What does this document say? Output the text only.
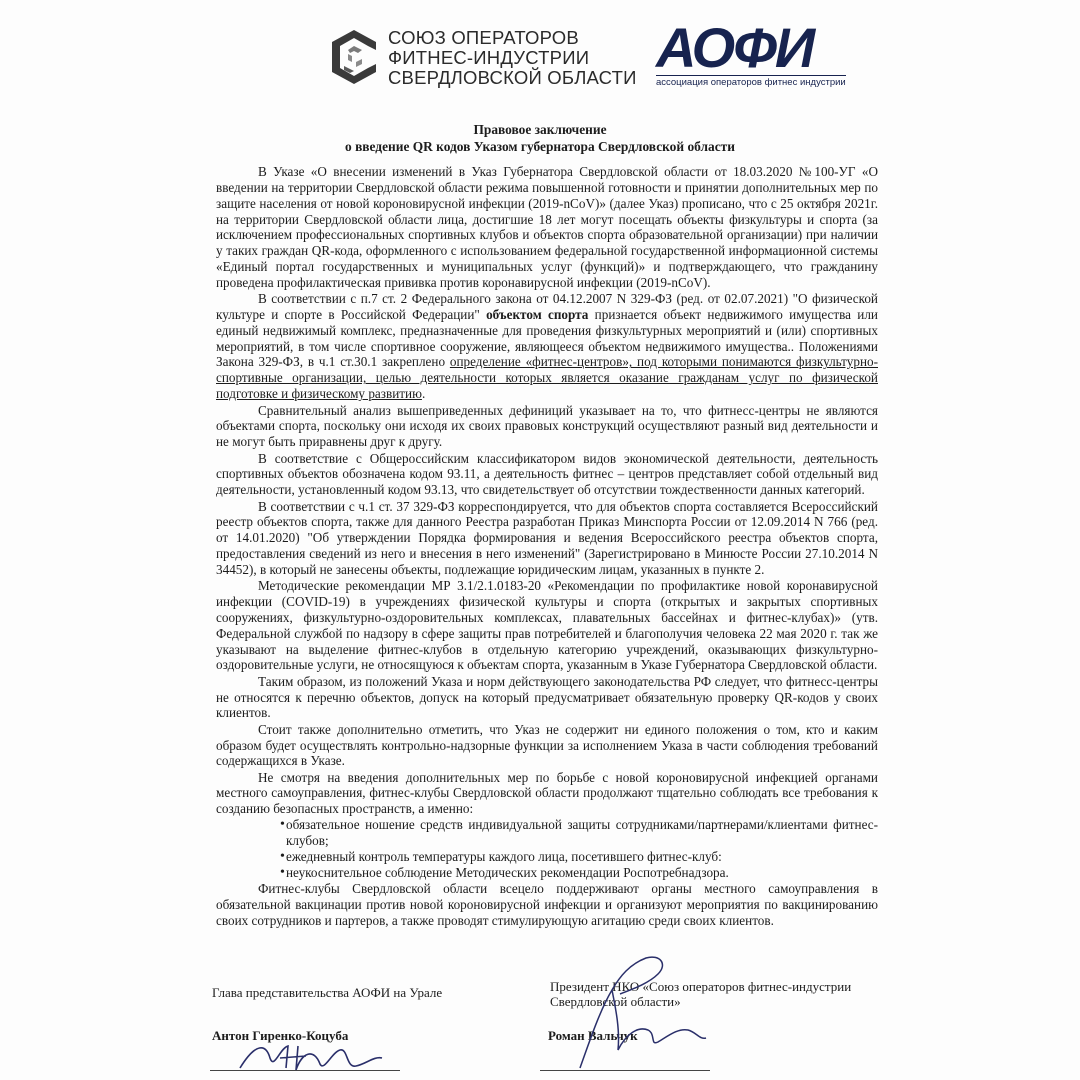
СОЮЗ ОПЕРАТОРОВ
ФИТНЕС-ИНДУСТРИИ
СВЕРДЛОВСКОЙ ОБЛАСТИ АОФИ
ассоциация операторов фитнес индустрии
Правовое заключение
о введение QR кодов Указом губернатора Свердловской области

В Указе «О внесении изменений в Указ Губернатора Свердловской области от 18.03.2020 №100-УГ «О введении на территории Свердловской области режима повышенной готовности и принятии дополнительных мер по защите населения от новой короновирусной инфекции (2019-nCoV)» (далее Указ) прописано, что с 25 октября 2021г. на территории Свердловской области лица, достигшие 18 лет могут посещать объекты физкультуры и спорта (за исключением профессиональных спортивных клубов и объектов спорта образовательной организации) при наличии у таких граждан QR-кода, оформленного с использованием федеральной государственной информационной системы «Единый портал государственных и муниципальных услуг (функций)» и подтверждающего, что гражданину проведена профилактическая прививка против коронавирусной инфекции (2019-nCoV).

В соответствии с п.7 ст. 2 Федерального закона от 04.12.2007 N 329-ФЗ (ред. от 02.07.2021) "О физической культуре и спорте в Российской Федерации" объектом спорта признается объект недвижимого имущества или единый недвижимый комплекс, предназначенные для проведения физкультурных мероприятий и (или) спортивных мероприятий, в том числе спортивное сооружение, являющееся объектом недвижимого имущества.. Положениями Закона 329-ФЗ, в ч.1 ст.30.1 закреплено определение «фитнес-центров», под которыми понимаются физкультурно-спортивные организации, целью деятельности которых является оказание гражданам услуг по физической подготовке и физическому развитию.

Сравнительный анализ вышеприведенных дефиниций указывает на то, что фитнесс-центры не являются объектами спорта, поскольку они исходя их своих правовых конструкций осуществляют разный вид деятельности и не могут быть приравнены друг к другу.

В соответствие с Общероссийским классификатором видов экономической деятельности, деятельность спортивных объектов обозначена кодом 93.11, а деятельность фитнес – центров представляет собой отдельный вид деятельности, установленный кодом 93.13, что свидетельствует об отсутствии тождественности данных категорий.

В соответствии с ч.1 ст. 37 329-ФЗ корреспондируется, что для объектов спорта составляется Всероссийский реестр объектов спорта, также для данного Реестра разработан Приказ Минспорта России от 12.09.2014 N 766 (ред. от 14.01.2020) "Об утверждении Порядка формирования и ведения Всероссийского реестра объектов спорта, предоставления сведений из него и внесения в него изменений" (Зарегистрировано в Минюсте России 27.10.2014 N 34452), в который не занесены объекты, подлежащие юридическим лицам, указанных в пункте 2.

Методические рекомендации МР 3.1/2.1.0183-20 «Рекомендации по профилактике новой коронавирусной инфекции (COVID-19) в учреждениях физической культуры и спорта (открытых и закрытых спортивных сооружениях, физкультурно-оздоровительных комплексах, плавательных бассейнах и фитнес-клубах)» (утв. Федеральной службой по надзору в сфере защиты прав потребителей и благополучия человека 22 мая 2020 г. так же указывают на выделение фитнес-клубов в отдельную категорию учреждений, оказывающих физкультурно-оздоровительные услуги, не относящуюся к объектам спорта, указанным в Указе Губернатора Свердловской области.

Таким образом, из положений Указа и норм действующего законодательства РФ следует, что фитнесс-центры не относятся к перечню объектов, допуск на который предусматривает обязательную проверку QR-кодов у своих клиентов.

Стоит также дополнительно отметить, что Указ не содержит ни единого положения о том, кто и каким образом будет осуществлять контрольно-надзорные функции за исполнением Указа в части соблюдения требований содержащихся в Указе.

Не смотря на введения дополнительных мер по борьбе с новой короновирусной инфекцией органами местного самоуправления, фитнес-клубы Свердловской области продолжают тщательно соблюдать все требования к созданию безопасных пространств, а именно:

• обязательное ношение средств индивидуальной защиты сотрудниками/партнерами/клиентами фитнес-клубов;
• ежедневный контроль температуры каждого лица, посетившего фитнес-клуб:
• неукоснительное соблюдение Методических рекомендации Роспотребнадзора.

Фитнес-клубы Свердловской области всецело поддерживают органы местного самоуправления в обязательной вакцинации против новой короновирусной инфекции и организуют мероприятия по вакцинированию своих сотрудников и партеров, а также проводят стимулирующую агитацию среди своих клиентов.

Глава представительства АОФИ на Урале
Антон Гиренко-Коцуба
Президент НКО «Союз операторов фитнес-индустрии
Свердловской области»
Роман Вальчук
